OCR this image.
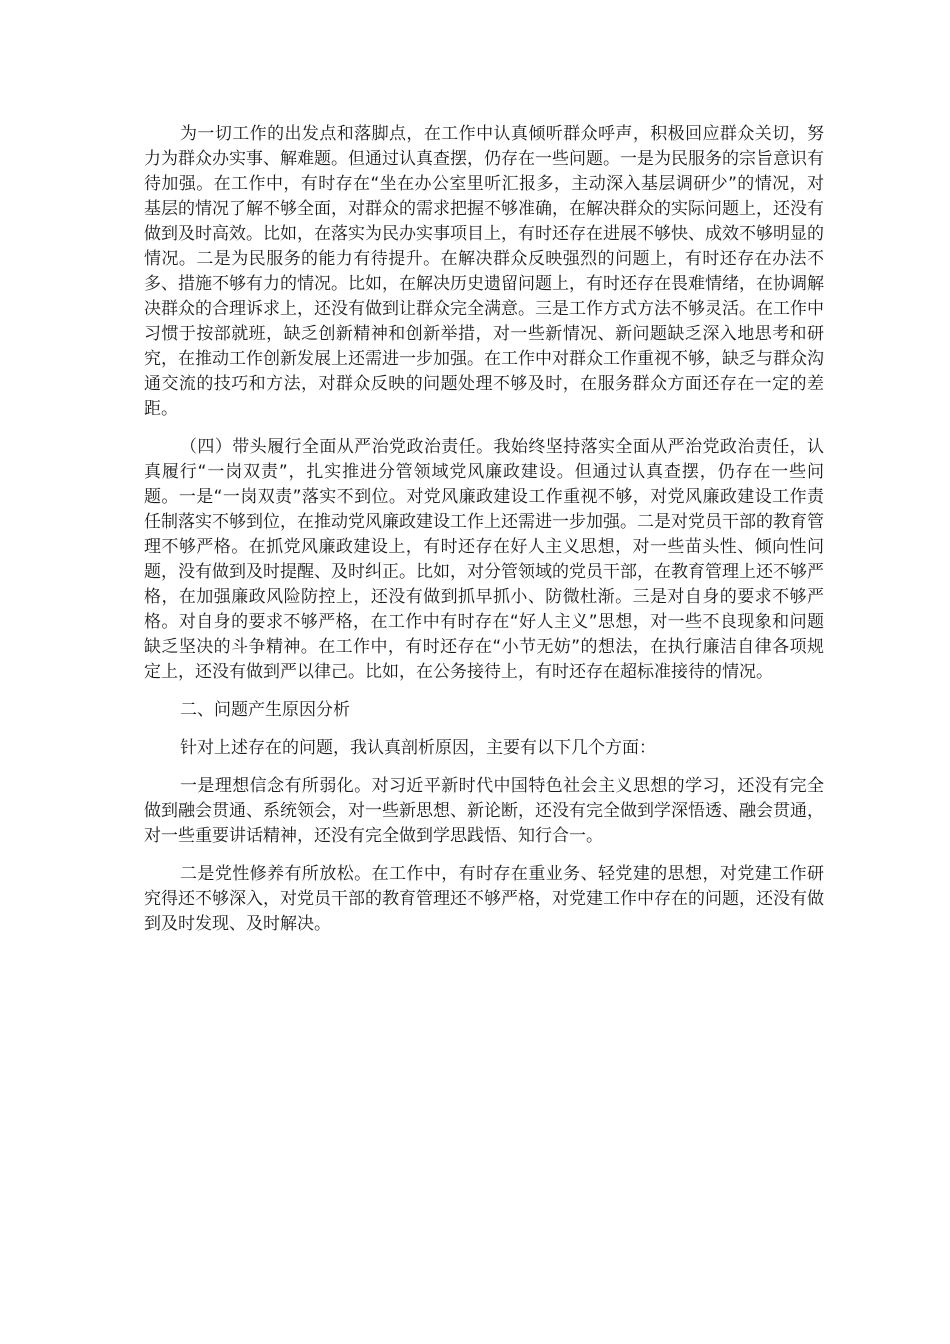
为一切工作的出发点和落脚点，在工作中认真倾听群众呼声，积极回应群众关切，努力为群众办实事、解难题。但通过认真查摆，仍存在一些问题。一是为民服务的宗旨意识有待加强。在工作中，有时存在“坐在办公室里听汇报多，主动深入基层调研少”的情况，对基层的情况了解不够全面，对群众的需求把握不够准确，在解决群众的实际问题上，还没有做到及时高效。比如，在落实为民办实事项目上，有时还存在进展不够快、成效不够明显的情况。二是为民服务的能力有待提升。在解决群众反映强烈的问题上，有时还存在办法不多、措施不够有力的情况。比如，在解决历史遗留问题上，有时还存在畏难情绪，在协调解决群众的合理诉求上，还没有做到让群众完全满意。三是工作方式方法不够灵活。在工作中习惯于按部就班，缺乏创新精神和创新举措，对一些新情况、新问题缺乏深入地思考和研究，在推动工作创新发展上还需进一步加强。在工作中对群众工作重视不够，缺乏与群众沟通交流的技巧和方法，对群众反映的问题处理不够及时，在服务群众方面还存在一定的差距。

（四）带头履行全面从严治党政治责任。我始终坚持落实全面从严治党政治责任，认真履行“一岗双责”，扎实推进分管领域党风廉政建设。但通过认真查摆，仍存在一些问题。一是“一岗双责”落实不到位。对党风廉政建设工作重视不够，对党风廉政建设工作责任制落实不够到位，在推动党风廉政建设工作上还需进一步加强。二是对党员干部的教育管理不够严格。在抓党风廉政建设上，有时还存在好人主义思想，对一些苗头性、倾向性问题，没有做到及时提醒、及时纠正。比如，对分管领域的党员干部，在教育管理上还不够严格，在加强廉政风险防控上，还没有做到抓早抓小、防微杜渐。三是对自身的要求不够严格。对自身的要求不够严格，在工作中有时存在“好人主义”思想，对一些不良现象和问题缺乏坚决的斗争精神。在工作中，有时还存在“小节无妨”的想法，在执行廉洁自律各项规定上，还没有做到严以律己。比如，在公务接待上，有时还存在超标准接待的情况。

二、问题产生原因分析

针对上述存在的问题，我认真剖析原因，主要有以下几个方面：

一是理想信念有所弱化。对习近平新时代中国特色社会主义思想的学习，还没有完全做到融会贯通、系统领会，对一些新思想、新论断，还没有完全做到学深悟透、融会贯通，对一些重要讲话精神，还没有完全做到学思践悟、知行合一。

二是党性修养有所放松。在工作中，有时存在重业务、轻党建的思想，对党建工作研究得还不够深入，对党员干部的教育管理还不够严格，对党建工作中存在的问题，还没有做到及时发现、及时解决。
